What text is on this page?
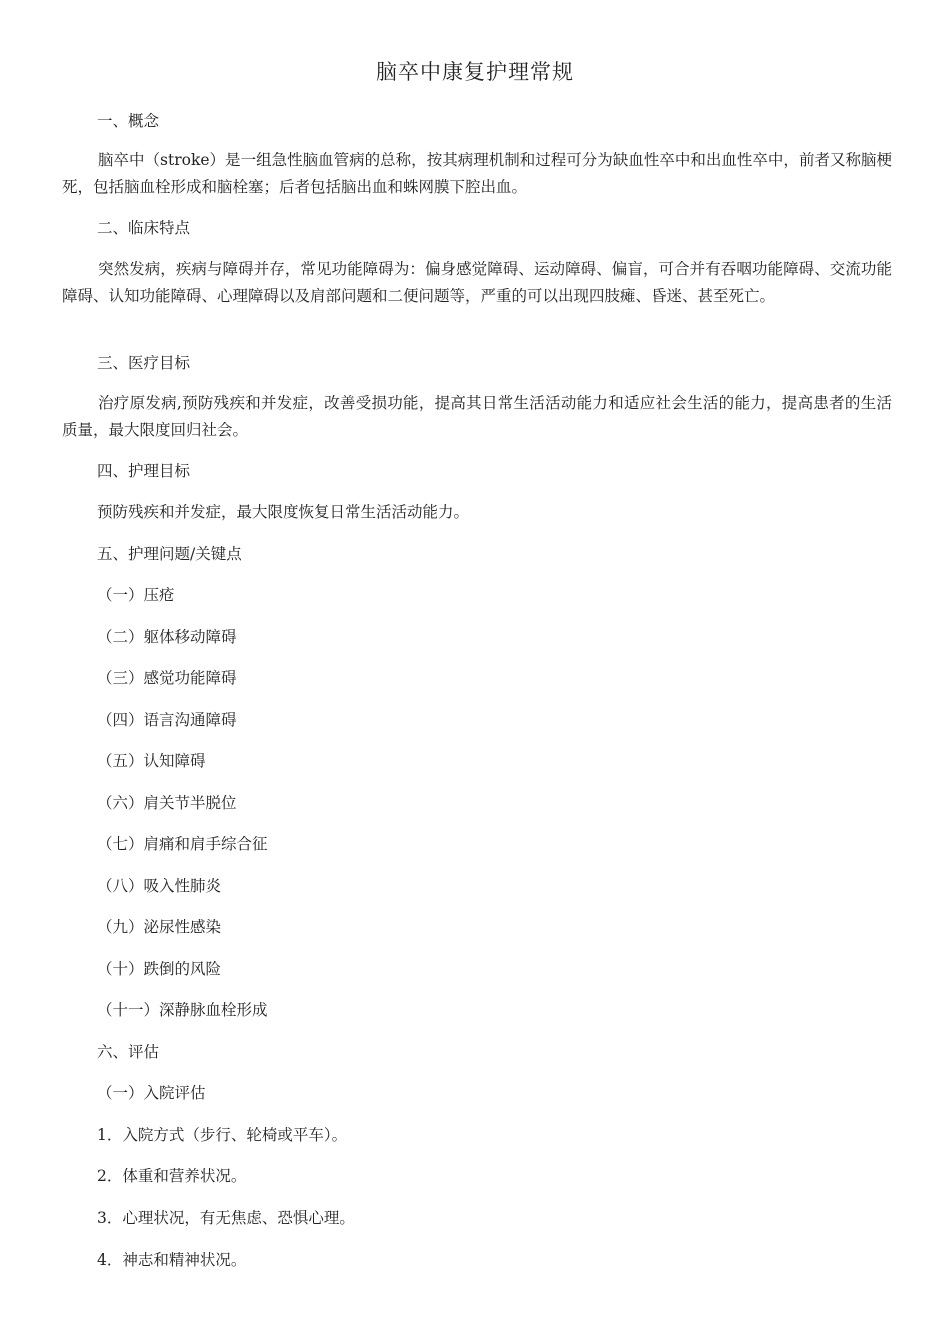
脑卒中康复护理常规
一、概念
脑卒中（stroke）是一组急性脑血管病的总称，按其病理机制和过程可分为缺血性卒中和出血性卒中，前者又称脑梗死，包括脑血栓形成和脑栓塞；后者包括脑出血和蛛网膜下腔出血。
二、临床特点
突然发病，疾病与障碍并存，常见功能障碍为：偏身感觉障碍、运动障碍、偏盲，可合并有吞咽功能障碍、交流功能障碍、认知功能障碍、心理障碍以及肩部问题和二便问题等，严重的可以出现四肢瘫、昏迷、甚至死亡。
三、医疗目标
治疗原发病,预防残疾和并发症，改善受损功能，提高其日常生活活动能力和适应社会生活的能力，提高患者的生活质量，最大限度回归社会。
四、护理目标
预防残疾和并发症，最大限度恢复日常生活活动能力。
五、护理问题/关键点
（一）压疮
（二）躯体移动障碍
（三）感觉功能障碍
（四）语言沟通障碍
（五）认知障碍
（六）肩关节半脱位
（七）肩痛和肩手综合征
（八）吸入性肺炎
（九）泌尿性感染
（十）跌倒的风险
（十一）深静脉血栓形成
六、评估
（一）入院评估
1．入院方式（步行、轮椅或平车）。
2．体重和营养状况。
3．心理状况，有无焦虑、恐惧心理。
4．神志和精神状况。
